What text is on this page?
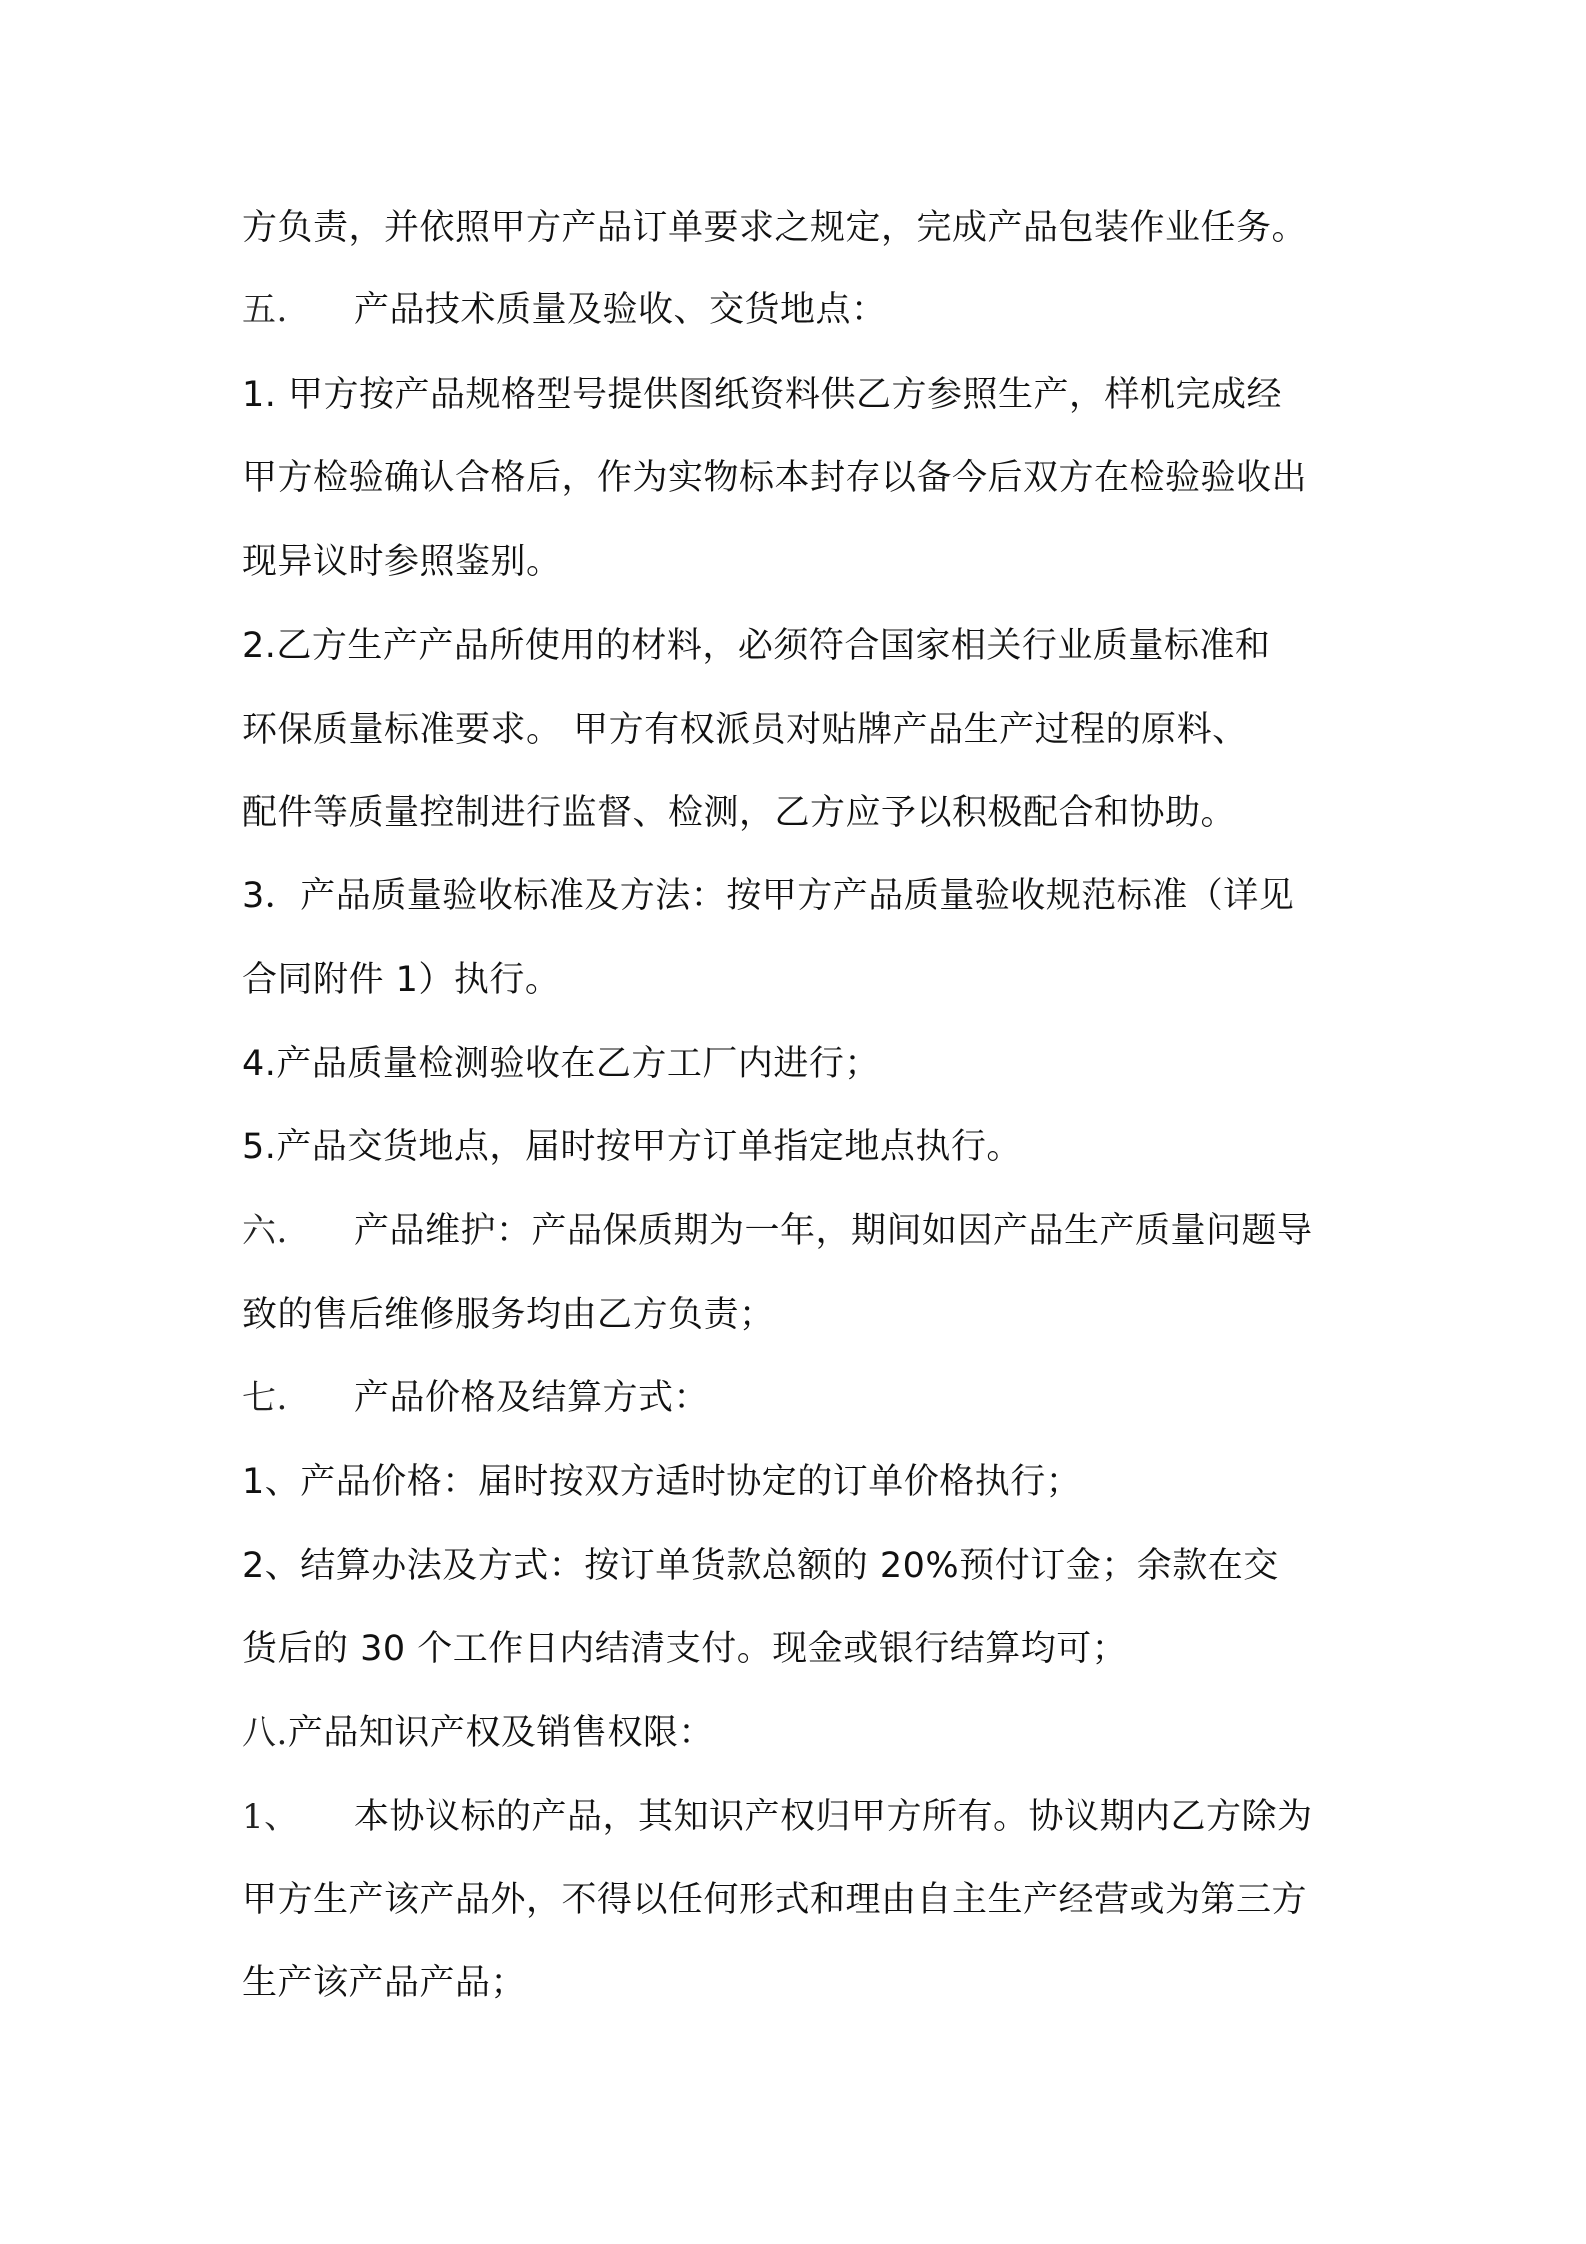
方负责，并依照甲方产品订单要求之规定，完成产品包装作业任务。
五. 产品技术质量及验收、交货地点：
1. 甲方按产品规格型号提供图纸资料供乙方参照生产，样机完成经
甲方检验确认合格后，作为实物标本封存以备今后双方在检验验收出
现异议时参照鉴别。
2.乙方生产产品所使用的材料，必须符合国家相关行业质量标准和
环保质量标准要求。 甲方有权派员对贴牌产品生产过程的原料、
配件等质量控制进行监督、检测，乙方应予以积极配合和协助。
3．产品质量验收标准及方法：按甲方产品质量验收规范标准（详见
合同附件 1）执行。
4.产品质量检测验收在乙方工厂内进行；
5.产品交货地点，届时按甲方订单指定地点执行。
六. 产品维护：产品保质期为一年，期间如因产品生产质量问题导
致的售后维修服务均由乙方负责；
七. 产品价格及结算方式：
1、产品价格：届时按双方适时协定的订单价格执行；
2、结算办法及方式：按订单货款总额的 20%预付订金；余款在交
货后的 30 个工作日内结清支付。现金或银行结算均可；
八.产品知识产权及销售权限：
1、 本协议标的产品，其知识产权归甲方所有。协议期内乙方除为
甲方生产该产品外，不得以任何形式和理由自主生产经营或为第三方
生产该产品产品；
